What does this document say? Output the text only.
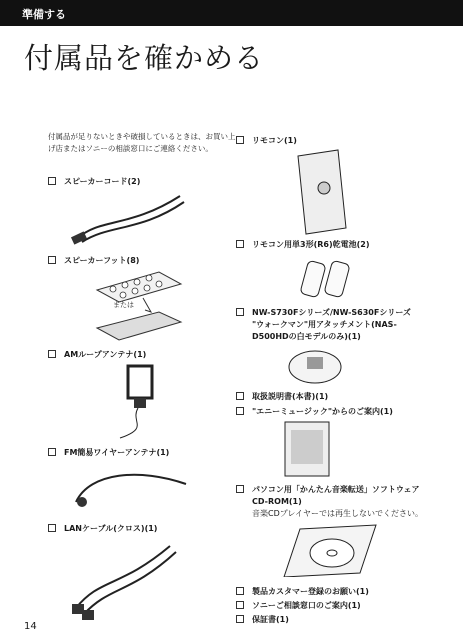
準備する
付属品を確かめる
付属品が足りないときや破損しているときは、お買い上げ店またはソニーの相談窓口にご連絡ください。
スピーカーコード(2)
スピーカーフット(8)
AMループアンテナ(1)
FM簡易ワイヤーアンテナ(1)
LANケーブル(クロス)(1)
リモコン(1)
リモコン用単3形(R6)乾電池(2)
NW-S730Fシリーズ/NW-S630Fシリーズ
"ウォークマン"用アタッチメント(NAS-
D500HDの白モデルのみ)(1)
取扱説明書(本書)(1)
"エニーミュージック"からのご案内(1)
パソコン用「かんたん音楽転送」ソフトウェア
CD-ROM(1)
音楽CDプレイヤーでは再生しないでください。
製品カスタマー登録のお願い(1)
ソニーご相談窓口のご案内(1)
保証書(1)
または
14
